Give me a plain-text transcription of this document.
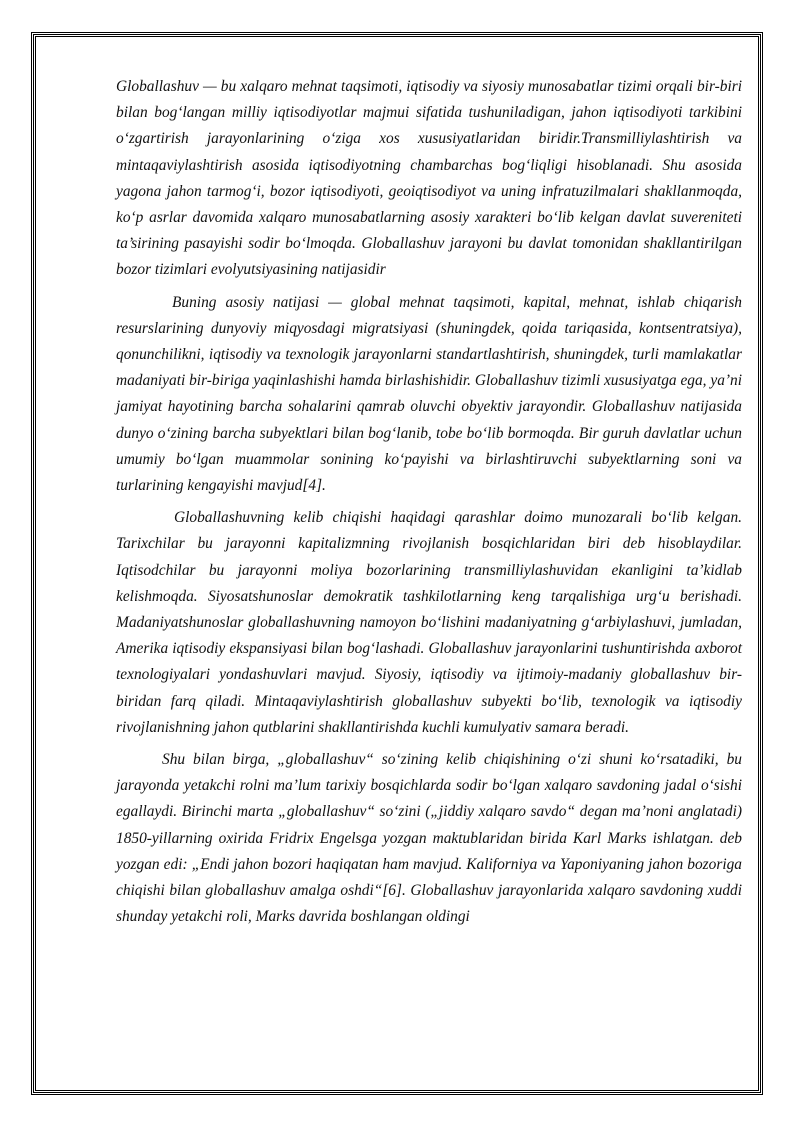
Globallashuv — bu xalqaro mehnat taqsimoti, iqtisodiy va siyosiy munosabatlar tizimi orqali bir-biri bilan bog‘langan milliy iqtisodiyotlar majmui sifatida tushuniladigan, jahon iqtisodiyoti tarkibini o‘zgartirish jarayonlarining o‘ziga xos xususiyatlaridan biridir.Transmilliylashtirish va mintaqaviylashtirish asosida iqtisodiyotning chambarchas bog‘liqligi hisoblanadi. Shu asosida yagona jahon tarmog‘i, bozor iqtisodiyoti, geoiqtisodiyot va uning infratuzilmalari shakllanmoqda, ko‘p asrlar davomida xalqaro munosabatlarning asosiy xarakteri bo‘lib kelgan davlat suvereniteti ta’sirining pasayishi sodir bo‘lmoqda. Globallashuv jarayoni bu davlat tomonidan shakllantirilgan bozor tizimlari evolyutsiyasining natijasidir

Buning asosiy natijasi — global mehnat taqsimoti, kapital, mehnat, ishlab chiqarish resurslarining dunyoviy miqyosdagi migratsiyasi (shuningdek, qoida tariqasida, kontsentratsiya), qonunchilikni, iqtisodiy va texnologik jarayonlarni standartlashtirish, shuningdek, turli mamlakatlar madaniyati bir-biriga yaqinlashishi hamda birlashishidir. Globallashuv tizimli xususiyatga ega, ya’ni jamiyat hayotining barcha sohalarini qamrab oluvchi obyektiv jarayondir. Globallashuv natijasida dunyo o‘zining barcha subyektlari bilan bog‘lanib, tobe bo‘lib bormoqda. Bir guruh davlatlar uchun umumiy bo‘lgan muammolar sonining ko‘payishi va birlashtiruvchi subyektlarning soni va turlarining kengayishi mavjud[4].

Globallashuvning kelib chiqishi haqidagi qarashlar doimo munozarali bo‘lib kelgan. Tarixchilar bu jarayonni kapitalizmning rivojlanish bosqichlaridan biri deb hisoblaydilar. Iqtisodchilar bu jarayonni moliya bozorlarining transmilliylashuvidan ekanligini ta’kidlab kelishmoqda. Siyosatshunoslar demokratik tashkilotlarning keng tarqalishiga urg‘u berishadi. Madaniyatshunoslar globallashuvning namoyon bo‘lishini madaniyatning g‘arbiylashuvi, jumladan, Amerika iqtisodiy ekspansiyasi bilan bog‘lashadi. Globallashuv jarayonlarini tushuntirishda axborot texnologiyalari yondashuvlari mavjud. Siyosiy, iqtisodiy va ijtimoiy-madaniy globallashuv bir-biridan farq qiladi. Mintaqaviylashtirish globallashuv subyekti bo‘lib, texnologik va iqtisodiy rivojlanishning jahon qutblarini shakllantirishda kuchli kumulyativ samara beradi.

Shu bilan birga, „globallashuv“ so‘zining kelib chiqishining o‘zi shuni ko‘rsatadiki, bu jarayonda yetakchi rolni ma’lum tarixiy bosqichlarda sodir bo‘lgan xalqaro savdoning jadal o‘sishi egallaydi. Birinchi marta „globallashuv“ so‘zini („jiddiy xalqaro savdo“ degan ma’noni anglatadi) 1850-yillarning oxirida Fridrix Engelsga yozgan maktublaridan birida Karl Marks ishlatgan. deb yozgan edi: „Endi jahon bozori haqiqatan ham mavjud. Kaliforniya va Yaponiyaning jahon bozoriga chiqishi bilan globallashuv amalga oshdi“[6]. Globallashuv jarayonlarida xalqaro savdoning xuddi shunday yetakchi roli, Marks davrida boshlangan oldingi
